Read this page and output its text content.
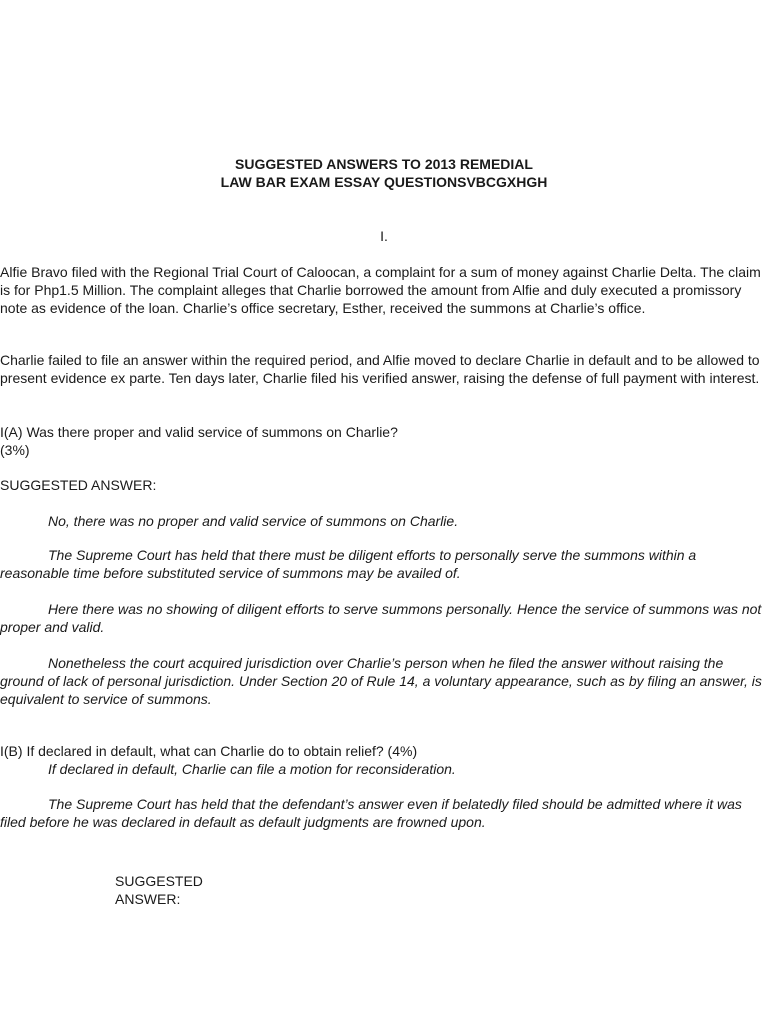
SUGGESTED ANSWERS TO 2013 REMEDIAL
LAW BAR EXAM ESSAY QUESTIONSVBCGXHGH
I.

Alfie Bravo filed with the Regional Trial Court of Caloocan, a complaint for a sum of money against Charlie Delta. The claim is for Php1.5 Million. The complaint alleges that Charlie borrowed the amount from Alfie and duly executed a promissory note as evidence of the loan. Charlie’s office secretary, Esther, received the summons at Charlie’s office.

Charlie failed to file an answer within the required period, and Alfie moved to declare Charlie in default and to be allowed to present evidence ex parte. Ten days later, Charlie filed his verified answer, raising the defense of full payment with interest.

I(A) Was there proper and valid service of summons on Charlie?
(3%)

SUGGESTED ANSWER:

No, there was no proper and valid service of summons on Charlie.

The Supreme Court has held that there must be diligent efforts to personally serve the summons within a reasonable time before substituted service of summons may be availed of.

Here there was no showing of diligent efforts to serve summons personally. Hence the service of summons was not proper and valid.

Nonetheless the court acquired jurisdiction over Charlie’s person when he filed the answer without raising the ground of lack of personal jurisdiction. Under Section 20 of Rule 14, a voluntary appearance, such as by filing an answer, is equivalent to service of summons.

I(B) If declared in default, what can Charlie do to obtain relief? (4%)

If declared in default, Charlie can file a motion for reconsideration.

The Supreme Court has held that the defendant’s answer even if belatedly filed should be admitted where it was filed before he was declared in default as default judgments are frowned upon.

SUGGESTED
ANSWER:
